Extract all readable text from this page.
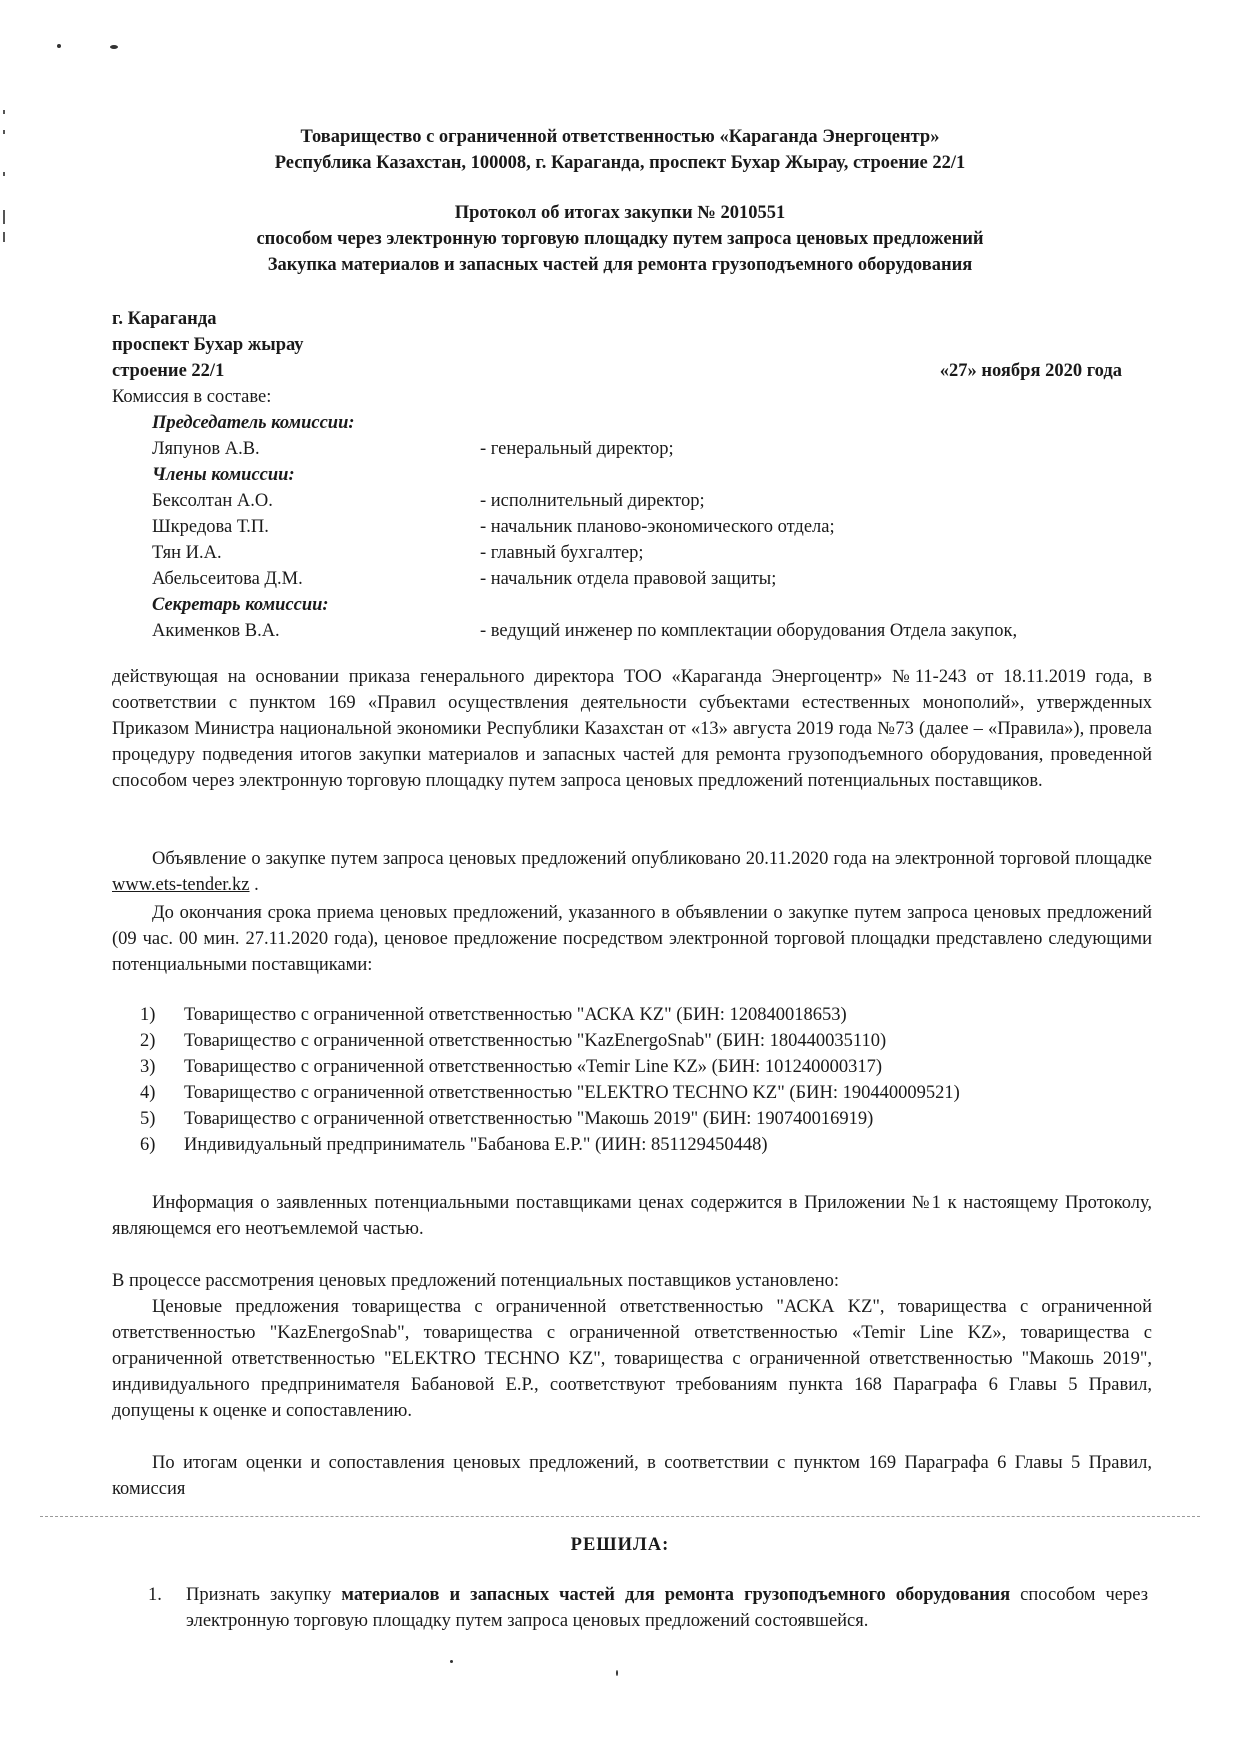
Товарищество с ограниченной ответственностью «Караганда Энергоцентр»
Республика Казахстан, 100008, г. Караганда, проспект Бухар Жырау, строение 22/1
Протокол об итогах закупки № 2010551
способом через электронную торговую площадку путем запроса ценовых предложений
Закупка материалов и запасных частей для ремонта грузоподъемного оборудования
г. Караганда
проспект Бухар жырау
строение 22/1	«27» ноября 2020 года
Комиссия в составе:
Председатель комиссии:
Ляпунов А.В.	- генеральный директор;
Члены комиссии:
Бексолтан А.О.	- исполнительный директор;
Шкредова Т.П.	- начальник планово-экономического отдела;
Тян И.А.	- главный бухгалтер;
Абельсеитова Д.М.	- начальник отдела правовой защиты;
Секретарь комиссии:
Акименков В.А.	- ведущий инженер по комплектации оборудования Отдела закупок,

действующая на основании приказа генерального директора ТОО «Караганда Энергоцентр» №11-243 от 18.11.2019 года, в соответствии с пунктом 169 «Правил осуществления деятельности субъектами естественных монополий», утвержденных Приказом Министра национальной экономики Республики Казахстан от «13» августа 2019 года №73 (далее – «Правила»), провела процедуру подведения итогов закупки материалов и запасных частей для ремонта грузоподъемного оборудования, проведенной способом через электронную торговую площадку путем запроса ценовых предложений потенциальных поставщиков.

Объявление о закупке путем запроса ценовых предложений опубликовано 20.11.2020 года на электронной торговой площадке www.ets-tender.kz .

До окончания срока приема ценовых предложений, указанного в объявлении о закупке путем запроса ценовых предложений (09 час. 00 мин. 27.11.2020 года), ценовое предложение посредством электронной торговой площадки представлено следующими потенциальными поставщиками:

1)	Товарищество с ограниченной ответственностью "АСКА KZ" (БИН: 120840018653)
2)	Товарищество с ограниченной ответственностью "KazEnergoSnab" (БИН: 180440035110)
3)	Товарищество с ограниченной ответственностью «Temir Line KZ» (БИН: 101240000317)
4)	Товарищество с ограниченной ответственностью "ELEKTRO TECHNO KZ" (БИН: 190440009521)
5)	Товарищество с ограниченной ответственностью "Макошь 2019" (БИН: 190740016919)
6)	Индивидуальный предприниматель "Бабанова Е.Р." (ИИН: 851129450448)

Информация о заявленных потенциальными поставщиками ценах содержится в Приложении №1 к настоящему Протоколу, являющемся его неотъемлемой частью.

В процессе рассмотрения ценовых предложений потенциальных поставщиков установлено:

Ценовые предложения товарищества с ограниченной ответственностью "АСКА KZ", товарищества с ограниченной ответственностью "KazEnergoSnab", товарищества с ограниченной ответственностью «Temir Line KZ», товарищества с ограниченной ответственностью "ELEKTRO TECHNO KZ", товарищества с ограниченной ответственностью "Макошь 2019", индивидуального предпринимателя Бабановой Е.Р., соответствуют требованиям пункта 168 Параграфа 6 Главы 5 Правил, допущены к оценке и сопоставлению.

По итогам оценки и сопоставления ценовых предложений, в соответствии с пунктом 169 Параграфа 6 Главы 5 Правил, комиссия

РЕШИЛА:
1.	Признать закупку материалов и запасных частей для ремонта грузоподъемного оборудования способом через электронную торговую площадку путем запроса ценовых предложений состоявшейся.
